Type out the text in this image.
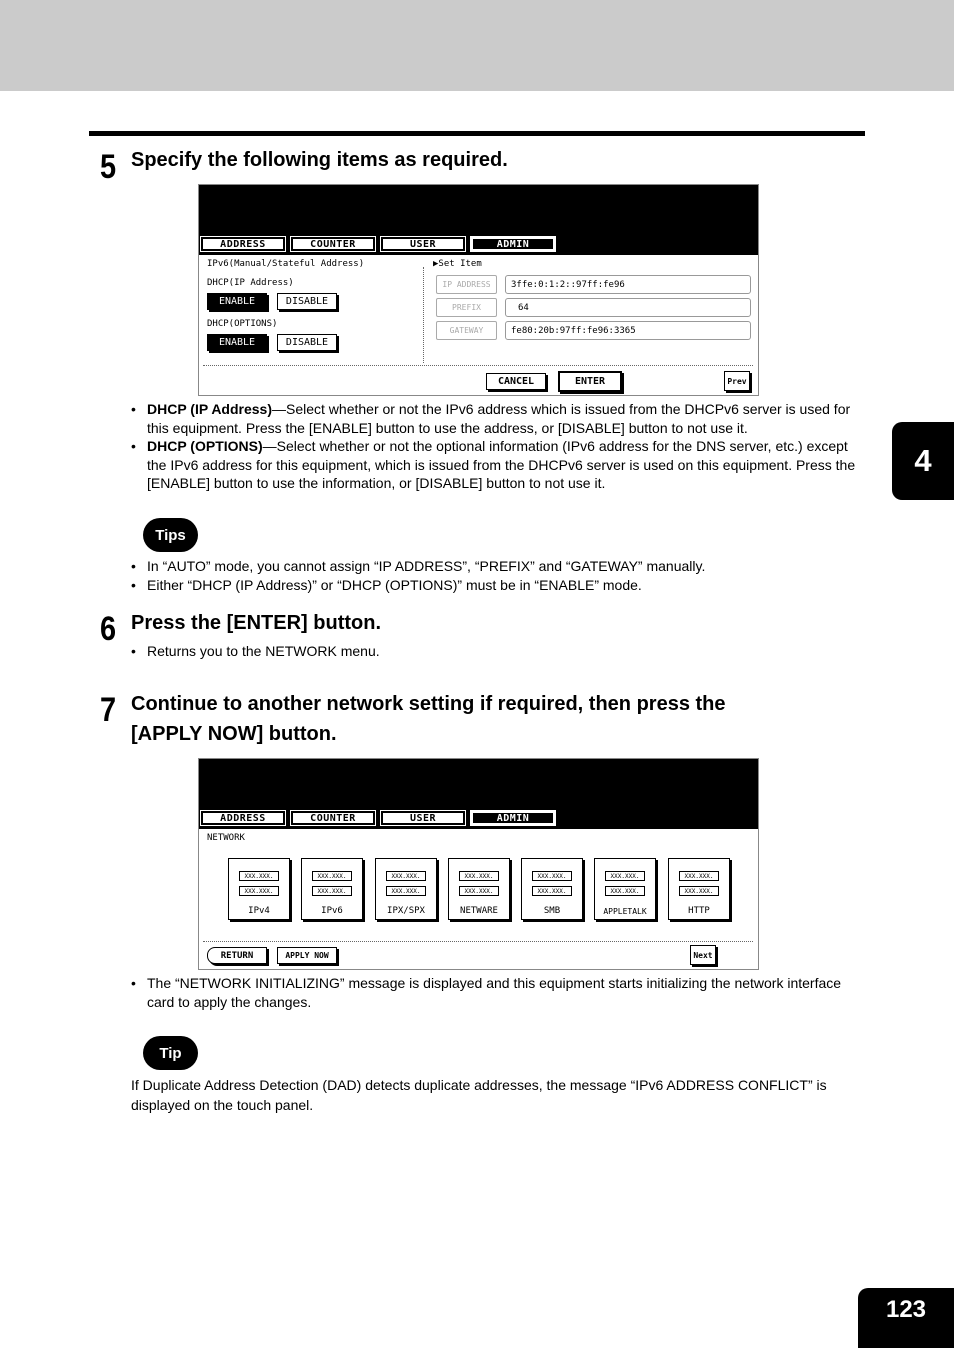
4
5 Specify the following items as required.
ADDRESS	COUNTER	USER	ADMIN
IPv6(Manual/Stateful Address)
DHCP(IP Address)
ENABLE	DISABLE
DHCP(OPTIONS)
ENABLE	DISABLE
▶Set Item
IP ADDRESS	3ffe:0:1:2::97ff:fe96
PREFIX	64
GATEWAY	fe80:20b:97ff:fe96:3365
CANCEL	ENTER	Prev
• DHCP (IP Address)—Select whether or not the IPv6 address which is issued from the DHCPv6 server is used for this equipment. Press the [ENABLE] button to use the address, or [DISABLE] button to not use it.
• DHCP (OPTIONS)—Select whether or not the optional information (IPv6 address for the DNS server, etc.) except the IPv6 address for this equipment, which is issued from the DHCPv6 server is used on this equipment. Press the [ENABLE] button to use the information, or [DISABLE] button to not use it.
Tips
• In “AUTO” mode, you cannot assign “IP ADDRESS”, “PREFIX” and “GATEWAY” manually.
• Either “DHCP (IP Address)” or “DHCP (OPTIONS)” must be in “ENABLE” mode.
6 Press the [ENTER] button.
• Returns you to the NETWORK menu.
7 Continue to another network setting if required, then press the
[APPLY NOW] button.
ADDRESS	COUNTER	USER	ADMIN
NETWORK
XXX.XXX.
XXX.XXX.
IPv4
XXX.XXX.
XXX.XXX.
IPv6
XXX.XXX.
XXX.XXX.
IPX/SPX
XXX.XXX.
XXX.XXX.
NETWARE
XXX.XXX.
XXX.XXX.
SMB
XXX.XXX.
XXX.XXX.
APPLETALK
XXX.XXX.
XXX.XXX.
HTTP
RETURN	APPLY NOW	Next
• The “NETWORK INITIALIZING” message is displayed and this equipment starts initializing the network interface card to apply the changes.
Tip

If Duplicate Address Detection (DAD) detects duplicate addresses, the message “IPv6 ADDRESS CONFLICT” is displayed on the touch panel.

123
